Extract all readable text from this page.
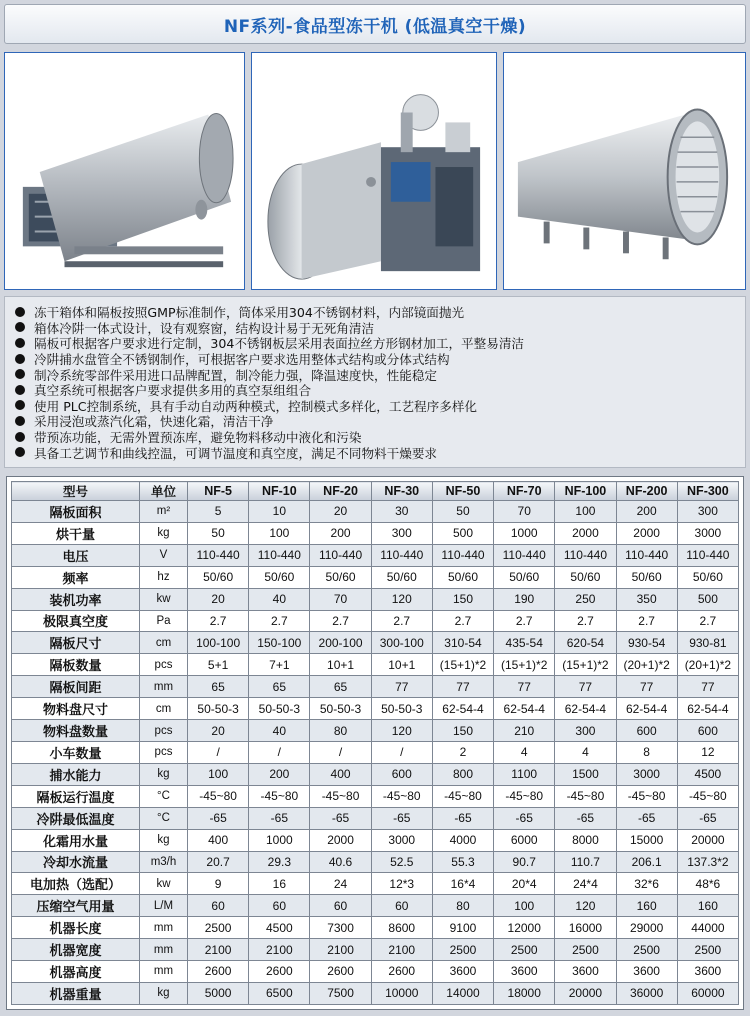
NF系列-食品型冻干机 (低温真空干燥)
冻干箱体和隔板按照GMP标准制作，筒体采用304不锈钢材料，内部镜面抛光
箱体冷阱一体式设计，设有观察窗，结构设计易于无死角清洁
隔板可根据客户要求进行定制，304不锈钢板层采用表面拉丝方形钢材加工，平整易清洁
冷阱捕水盘管全不锈钢制作，可根据客户要求选用整体式结构或分体式结构
制冷系统零部件采用进口品牌配置，制冷能力强，降温速度快，性能稳定
真空系统可根据客户要求提供多用的真空泵组组合
使用 PLC控制系统，具有手动自动两种模式，控制模式多样化，工艺程序多样化
采用浸泡或蒸汽化霜，快速化霜，清洁干净
带预冻功能，无需外置预冻库，避免物料移动中液化和污染
具备工艺调节和曲线控温，可调节温度和真空度，满足不同物料干燥要求
型号	单位	NF-5	NF-10	NF-20	NF-30	NF-50	NF-70	NF-100	NF-200	NF-300
隔板面积	m²	5	10	20	30	50	70	100	200	300
烘干量	kg	50	100	200	300	500	1000	2000	2000	3000
电压	V	110-440	110-440	110-440	110-440	110-440	110-440	110-440	110-440	110-440
频率	hz	50/60	50/60	50/60	50/60	50/60	50/60	50/60	50/60	50/60
装机功率	kw	20	40	70	120	150	190	250	350	500
极限真空度	Pa	2.7	2.7	2.7	2.7	2.7	2.7	2.7	2.7	2.7
隔板尺寸	cm	100-100	150-100	200-100	300-100	310-54	435-54	620-54	930-54	930-81
隔板数量	pcs	5+1	7+1	10+1	10+1	(15+1)*2	(15+1)*2	(15+1)*2	(20+1)*2	(20+1)*2
隔板间距	mm	65	65	65	77	77	77	77	77	77
物料盘尺寸	cm	50-50-3	50-50-3	50-50-3	50-50-3	62-54-4	62-54-4	62-54-4	62-54-4	62-54-4
物料盘数量	pcs	20	40	80	120	150	210	300	600	600
小车数量	pcs	/	/	/	/	2	4	4	8	12
捕水能力	kg	100	200	400	600	800	1100	1500	3000	4500
隔板运行温度	°C	-45~80	-45~80	-45~80	-45~80	-45~80	-45~80	-45~80	-45~80	-45~80
冷阱最低温度	°C	-65	-65	-65	-65	-65	-65	-65	-65	-65
化霜用水量	kg	400	1000	2000	3000	4000	6000	8000	15000	20000
冷却水流量	m3/h	20.7	29.3	40.6	52.5	55.3	90.7	110.7	206.1	137.3*2
电加热（选配）	kw	9	16	24	12*3	16*4	20*4	24*4	32*6	48*6
压缩空气用量	L/M	60	60	60	60	80	100	120	160	160
机器长度	mm	2500	4500	7300	8600	9100	12000	16000	29000	44000
机器宽度	mm	2100	2100	2100	2100	2500	2500	2500	2500	2500
机器高度	mm	2600	2600	2600	2600	3600	3600	3600	3600	3600
机器重量	kg	5000	6500	7500	10000	14000	18000	20000	36000	60000
